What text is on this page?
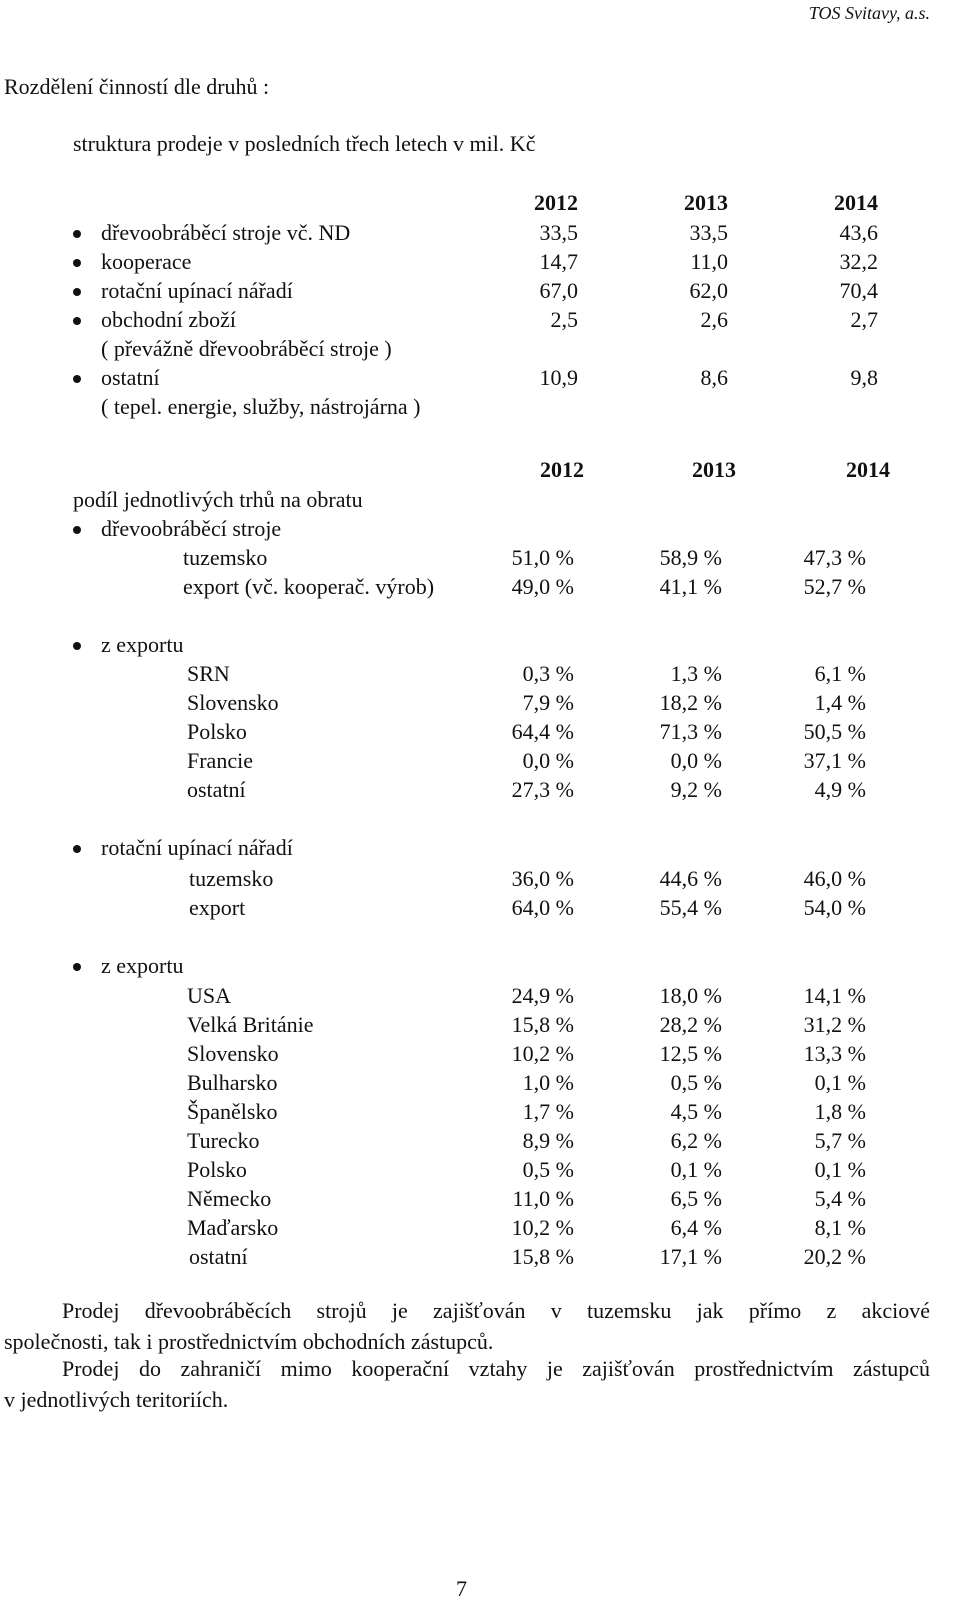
TOS Svitavy, a.s.
Rozdělení činností dle druhů :
struktura prodeje v posledních třech letech v mil. Kč
2012	2013	2014
dřevoobráběcí stroje vč. ND	33,5	33,5	43,6
kooperace	14,7	11,0	32,2
rotační upínací nářadí	67,0	62,0	70,4
obchodní zboží	2,5	2,6	2,7
( převážně dřevoobráběcí stroje )
ostatní	10,9	8,6	9,8
( tepel. energie, služby, nástrojárna )
2012	2013	2014
podíl jednotlivých trhů na obratu
dřevoobráběcí stroje
tuzemsko	51,0 %	58,9 %	47,3 %
export (vč. kooperač. výrob)	49,0 %	41,1 %	52,7 %
z exportu
SRN	0,3 %	1,3 %	6,1 %
Slovensko	7,9 %	18,2 %	1,4 %
Polsko	64,4 %	71,3 %	50,5 %
Francie	0,0 %	0,0 %	37,1 %
ostatní	27,3 %	9,2 %	4,9 %
rotační upínací nářadí
tuzemsko	36,0 %	44,6 %	46,0 %
export	64,0 %	55,4 %	54,0 %
z exportu
USA	24,9 %	18,0 %	14,1 %
Velká Británie	15,8 %	28,2 %	31,2 %
Slovensko	10,2 %	12,5 %	13,3 %
Bulharsko	1,0 %	0,5 %	0,1 %
Španělsko	1,7 %	4,5 %	1,8 %
Turecko	8,9 %	6,2 %	5,7 %
Polsko	0,5 %	0,1 %	0,1 %
Německo	11,0 %	6,5 %	5,4 %
Maďarsko	10,2 %	6,4 %	8,1 %
ostatní	15,8 %	17,1 %	20,2 %
Prodej dřevoobráběcích strojů je zajišťován v tuzemsku jak přímo z akciové
společnosti, tak i prostřednictvím obchodních zástupců.
Prodej do zahraničí mimo kooperační vztahy je zajišťován prostřednictvím zástupců
v jednotlivých teritoriích.
7
